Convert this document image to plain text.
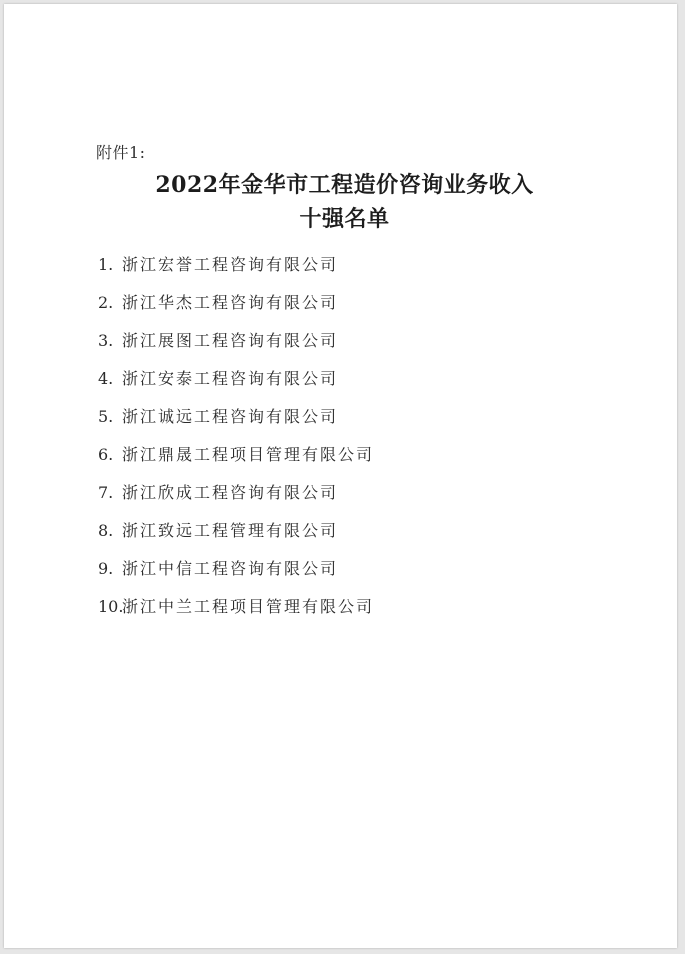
附件1:
2022年金华市工程造价咨询业务收入
十强名单
1. 浙江宏誉工程咨询有限公司
2. 浙江华杰工程咨询有限公司
3. 浙江展图工程咨询有限公司
4. 浙江安泰工程咨询有限公司
5. 浙江诚远工程咨询有限公司
6. 浙江鼎晟工程项目管理有限公司
7. 浙江欣成工程咨询有限公司
8. 浙江致远工程管理有限公司
9. 浙江中信工程咨询有限公司
10.浙江中兰工程项目管理有限公司
